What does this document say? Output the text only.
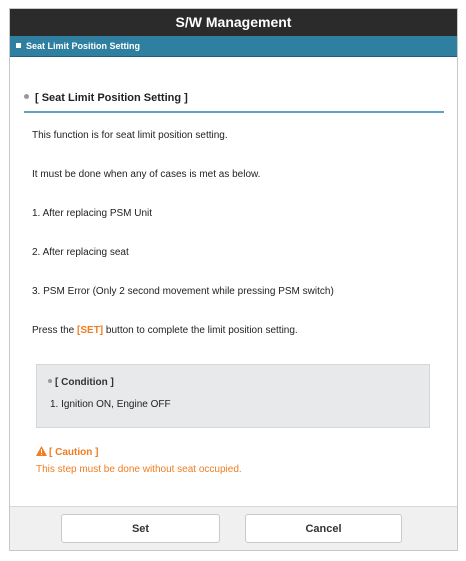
S/W Management
Seat Limit Position Setting
[ Seat Limit Position Setting ]
This function is for seat limit position setting.
It must be done when any of cases is met as below.
1. After replacing PSM Unit
2. After replacing seat
3. PSM Error (Only 2 second movement while pressing PSM switch)
Press the [SET] button to complete the limit position setting.
[ Condition ]
1. Ignition ON, Engine OFF
[ Caution ]
This step must be done without seat occupied.
Set	Cancel
